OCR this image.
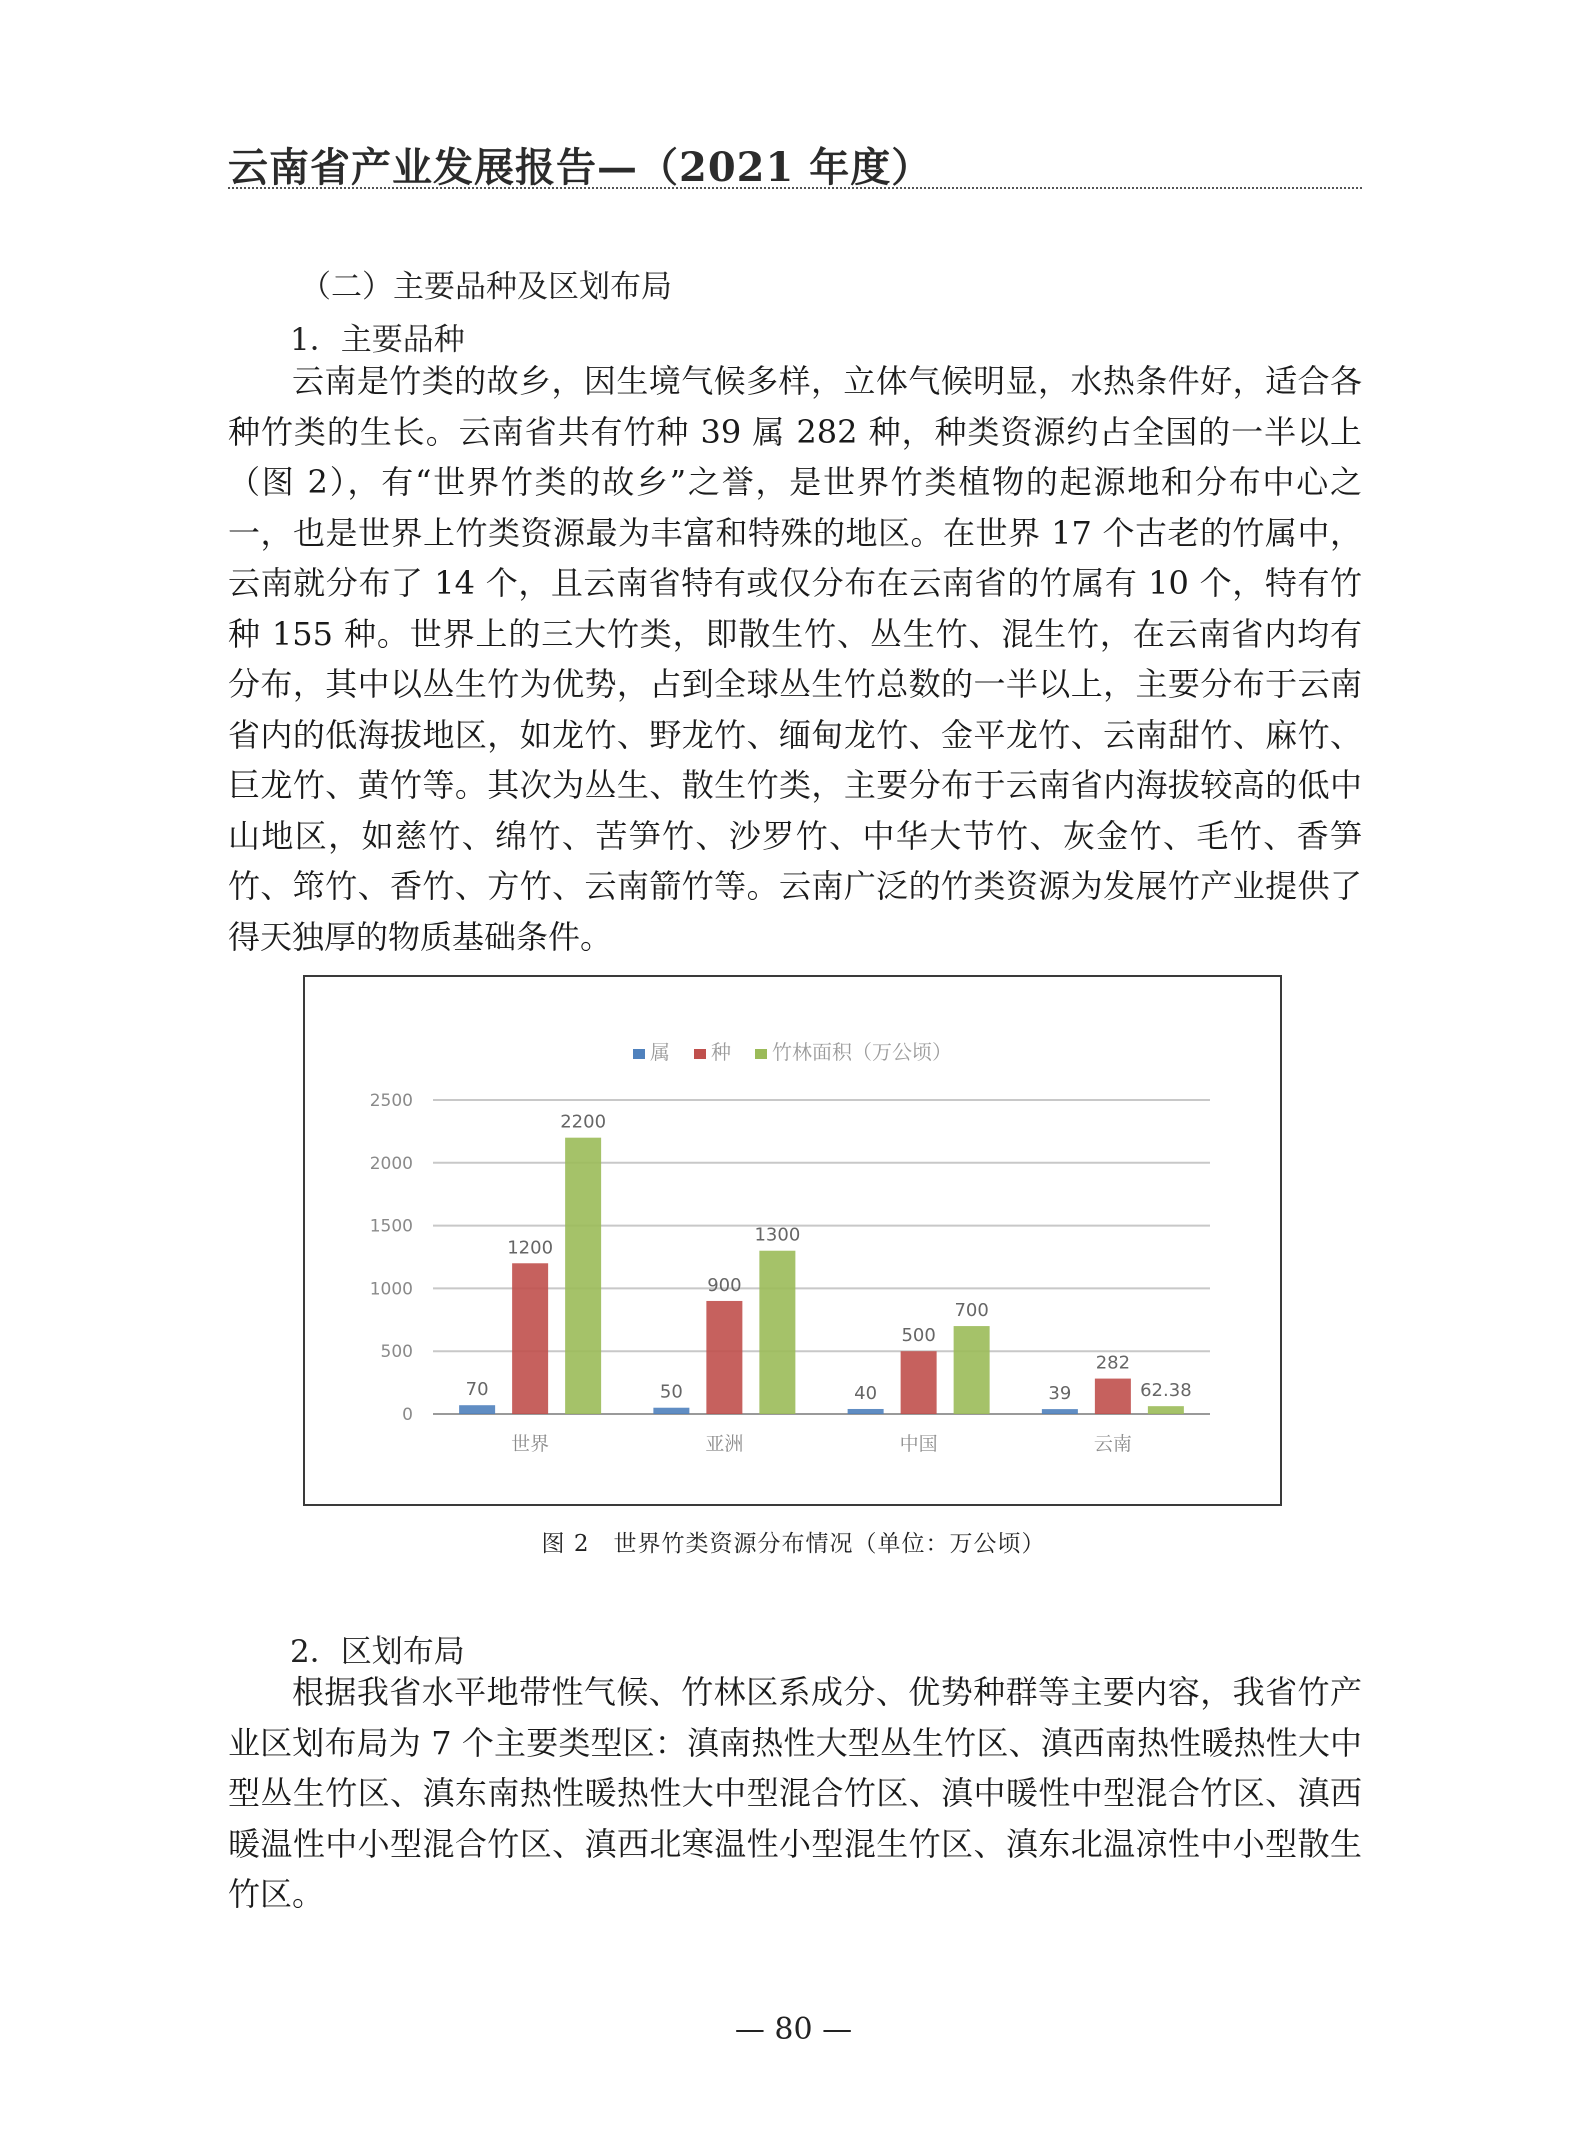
云南省产业发展报告—（2021 年度）
（二）主要品种及区划布局
1．主要品种

云南是竹类的故乡，因生境气候多样，立体气候明显，水热条件好，适合各种竹类的生长。云南省共有竹种 39 属 282 种，种类资源约占全国的一半以上（图 2），有“世界竹类的故乡”之誉，是世界竹类植物的起源地和分布中心之一，也是世界上竹类资源最为丰富和特殊的地区。在世界 17 个古老的竹属中，云南就分布了 14 个，且云南省特有或仅分布在云南省的竹属有 10 个，特有竹种 155 种。世界上的三大竹类，即散生竹、丛生竹、混生竹，在云南省内均有分布，其中以丛生竹为优势，占到全球丛生竹总数的一半以上，主要分布于云南省内的低海拔地区，如龙竹、野龙竹、缅甸龙竹、金平龙竹、云南甜竹、麻竹、巨龙竹、黄竹等。其次为丛生、散生竹类，主要分布于云南省内海拔较高的低中山地区，如慈竹、绵竹、苦笋竹、沙罗竹、中华大节竹、灰金竹、毛竹、香笋竹、筇竹、香竹、方竹、云南箭竹等。云南广泛的竹类资源为发展竹产业提供了得天独厚的物质基础条件。

0
500
1000
1500
2000
2500
70
1200
2200
世界
50
900
1300
亚洲
40
500
700
中国
39
282
62.38
云南
属 种 竹林面积（万公顷）
图 2　世界竹类资源分布情况（单位：万公顷）
2．区划布局

根据我省水平地带性气候、竹林区系成分、优势种群等主要内容，我省竹产业区划布局为 7 个主要类型区：滇南热性大型丛生竹区、滇西南热性暖热性大中型丛生竹区、滇东南热性暖热性大中型混合竹区、滇中暖性中型混合竹区、滇西暖温性中小型混合竹区、滇西北寒温性小型混生竹区、滇东北温凉性中小型散生竹区。

— 80 —
